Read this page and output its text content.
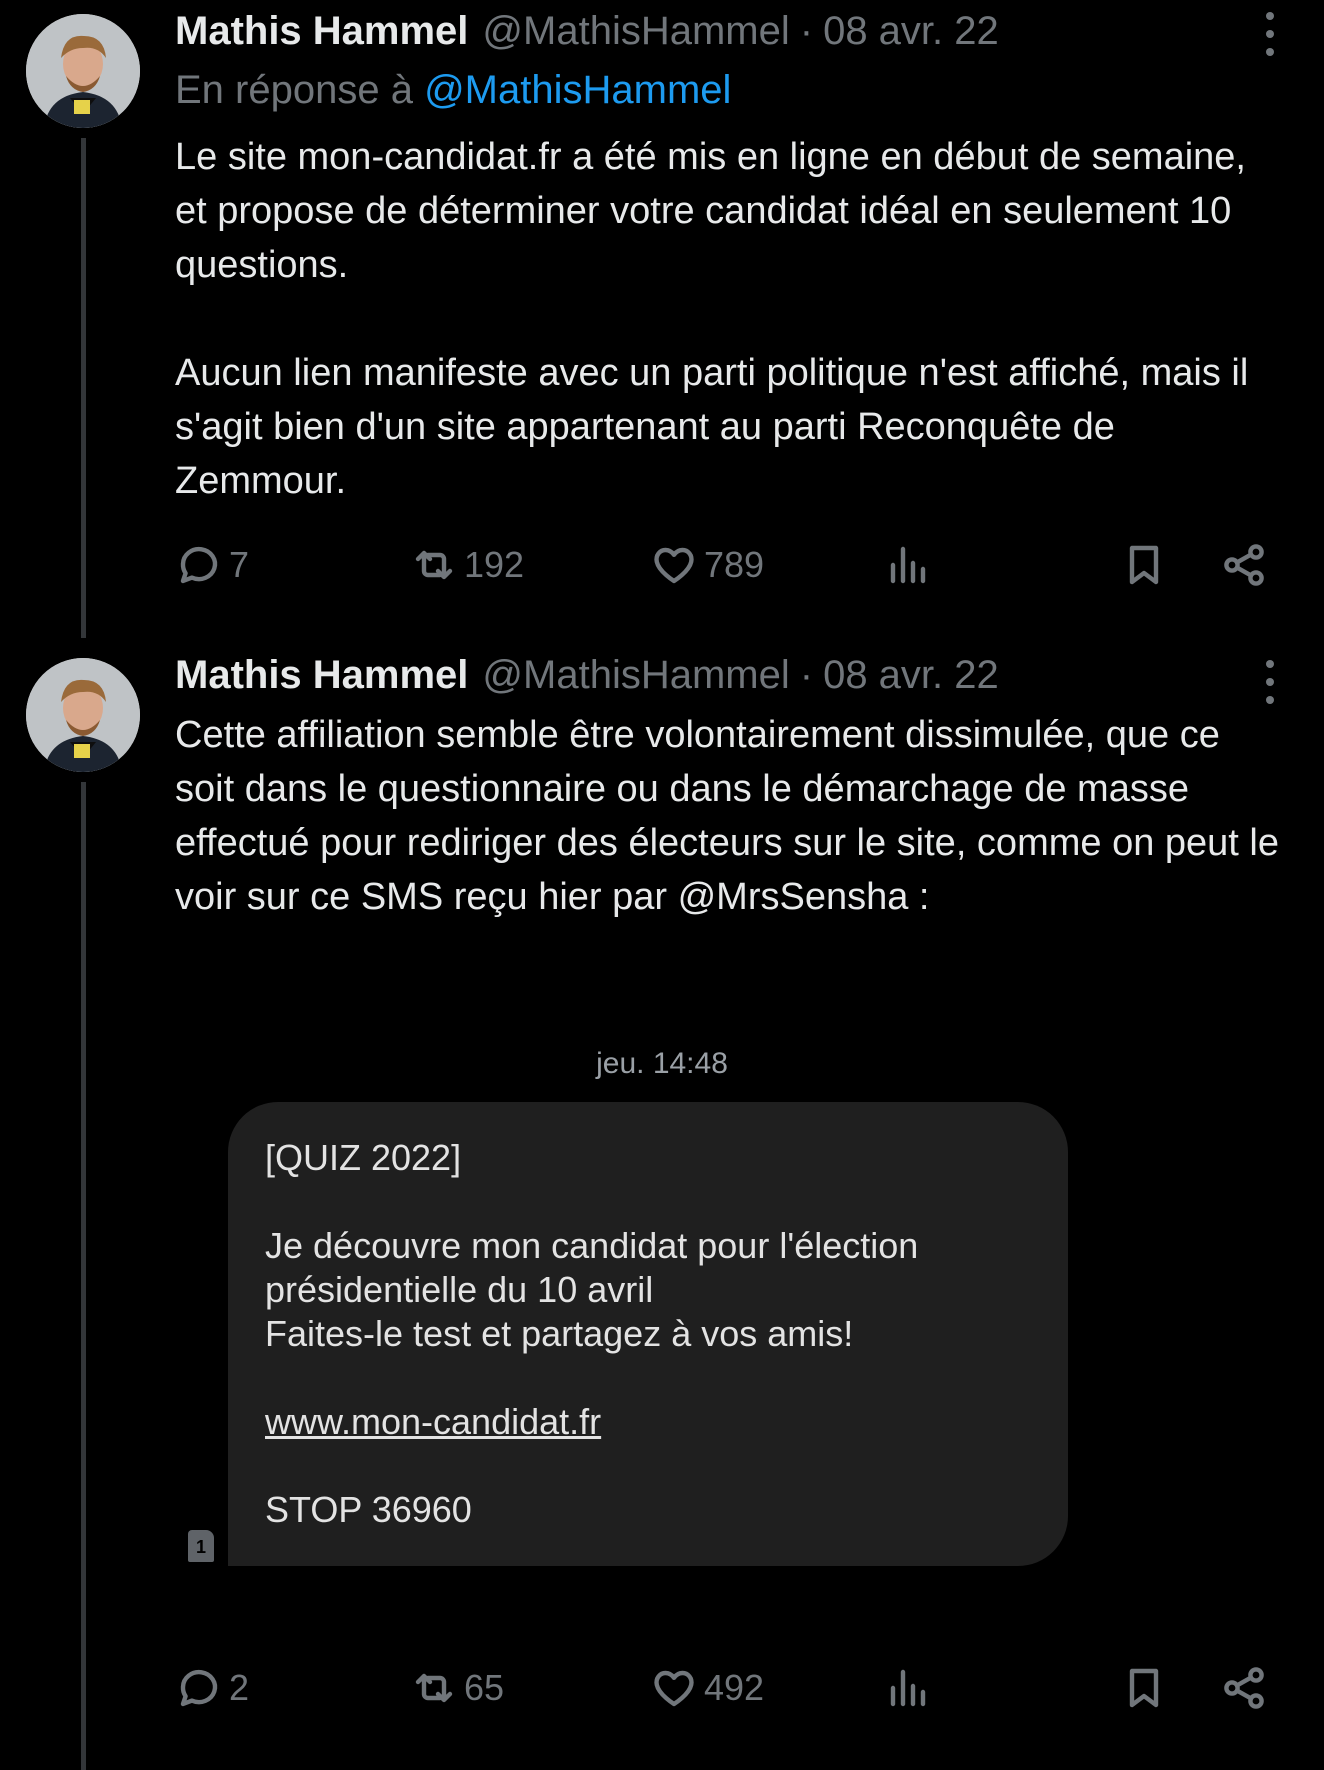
Mathis Hammel @MathisHammel · 08 avr. 22
En réponse à @MathisHammel

Le site mon-candidat.fr a été mis en ligne en début de semaine, et propose de déterminer votre candidat idéal en seulement 10 questions.

Aucun lien manifeste avec un parti politique n'est affiché, mais il s'agit bien d'un site appartenant au parti Reconquête de Zemmour.

7	192	789
Mathis Hammel @MathisHammel · 08 avr. 22

Cette affiliation semble être volontairement dissimulée, que ce soit dans le questionnaire ou dans le démarchage de masse effectué pour rediriger des électeurs sur le site, comme on peut le voir sur ce SMS reçu hier par @MrsSensha :

jeu. 14:48
1
[QUIZ 2022]
Je découvre mon candidat pour l'élection
présidentielle du 10 avril
Faites-le test et partagez à vos amis!
www.mon-candidat.fr
STOP 36960
2	65	492
